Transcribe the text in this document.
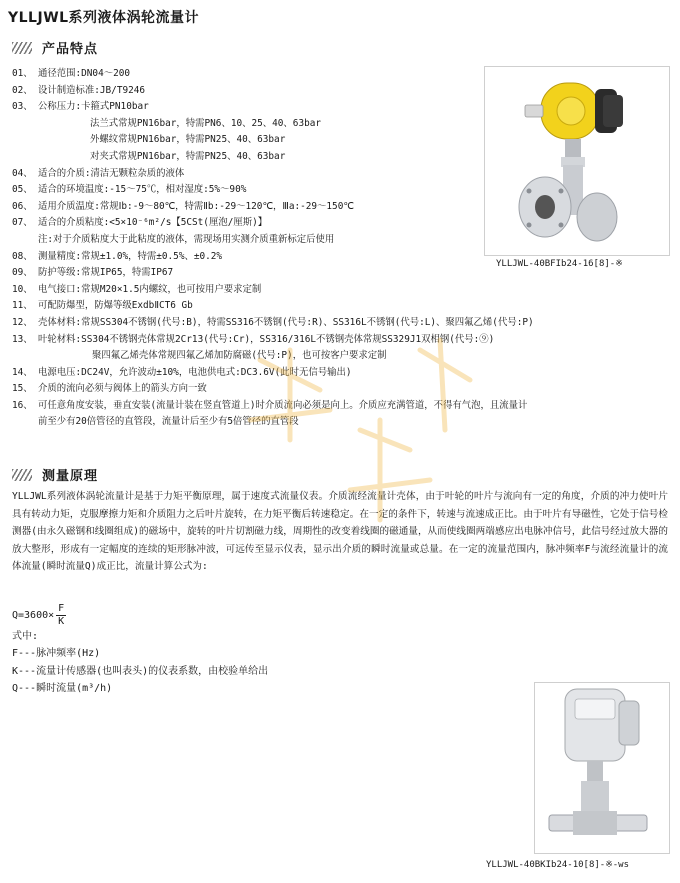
YLLJWL系列液体涡轮流量计
产品特点
01、 通径范围:DN04～200
02、 设计制造标准:JB/T9246
03、 公称压力:卡箍式PN10bar
法兰式常规PN16bar，特需PN6、10、25、40、63bar
外螺纹常规PN16bar，特需PN25、40、63bar
对夹式常规PN16bar，特需PN25、40、63bar
04、 适合的介质:清洁无颗粒杂质的液体
05、 适合的环境温度:-15～75℃，相对湿度:5%～90%
06、 适用介质温度:常规Ⅰb:-9～80℃，特需Ⅱb:-29～120℃，Ⅲa:-29～150℃
07、 适合的介质粘度:<5×10⁻⁶m²/s【5CSt(厘泡/厘斯)】
注:对于介质粘度大于此粘度的液体，需现场用实测介质重新标定后使用
08、 测量精度:常规±1.0%，特需±0.5%、±0.2%
09、 防护等级:常规IP65，特需IP67
10、 电气接口:常规M20×1.5内螺纹，也可按用户要求定制
11、 可配防爆型，防爆等级ExdbⅡCT6 Gb
12、 壳体材料:常规SS304不锈钢(代号:B)，特需SS316不锈钢(代号:R)、SS316L不锈钢(代号:L)、聚四氟乙烯(代号:P)
13、 叶轮材料:SS304不锈钢壳体常规2Cr13(代号:Cr)，SS316/316L不锈钢壳体常规SS329J1双相钢(代号:⑨)
聚四氟乙烯壳体常规四氟乙烯加防腐磁(代号:P)，也可按客户要求定制
14、 电源电压:DC24V，允许波动±10%，电池供电式:DC3.6V(此时无信号输出)
15、 介质的流向必须与阀体上的箭头方向一致
16、 可任意角度安装，垂直安装(流量计装在竖直管道上)时介质流向必须是向上。介质应充满管道，不得有气泡，且流量计
前至少有20倍管径的直管段，流量计后至少有5倍管径的直管段
测量原理
YLLJWL系列液体涡轮流量计是基于力矩平衡原理，属于速度式流量仪表。介质流经流量计壳体，由于叶轮的叶片与流向有一定的角度，介质的冲力使叶片具有转动力矩，克服摩擦力矩和介质阻力之后叶片旋转，在力矩平衡后转速稳定。在一定的条件下，转速与流速成正比。由于叶片有导磁性，它处于信号检测器(由永久磁钢和线圈组成)的磁场中，旋转的叶片切割磁力线，周期性的改变着线圈的磁通量，从而使线圈两端感应出电脉冲信号，此信号经过放大器的放大整形，形成有一定幅度的连续的矩形脉冲波，可远传至显示仪表，显示出介质的瞬时流量或总量。在一定的流量范围内，脉冲频率F与流经流量计的流体流量(瞬时流量Q)成正比，流量计算公式为:
$Q=3600\times \frac{F}{K}$
式中:
F---脉冲频率(Hz)
K---流量计传感器(也叫表头)的仪表系数，由校验单给出
Q---瞬时流量(m³/h)
YLLJWL-40BFIb24-16[8]-※
YLLJWL-40BKIb24-10[8]-※-ws
